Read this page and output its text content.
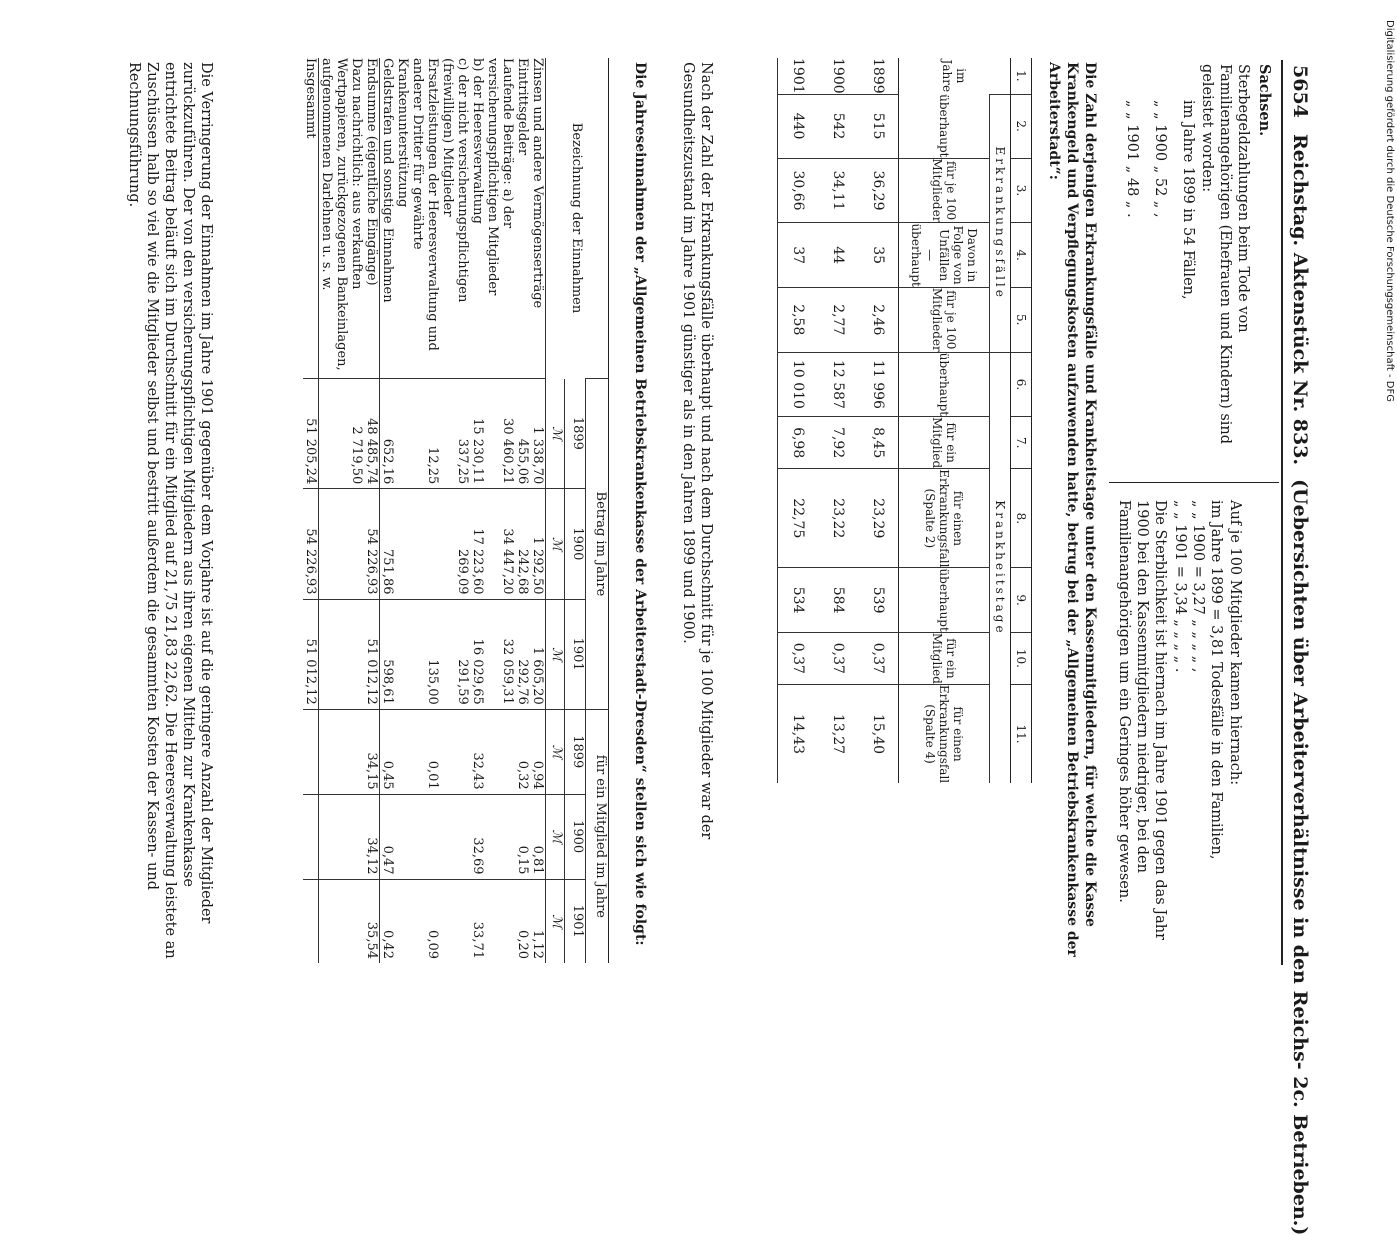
5654 Reichstag. Aktenstück Nr. 833. (Uebersichten über Arbeiterverhältnisse in den Reichs- 2c. Betrieben.)
Sachsen.
Sterbegeldzahlungen beim Tode von Familienangehörigen (Ehefrauen und Kindern) sind geleistet worden:
im Jahre 1899 in 54 Fällen,
„ „ 1900 „ 52 „ ,
„ „ 1901 „ 48 „ .
Auf je 100 Mitglieder kamen hiernach:
im Jahre 1899 = 3,81 Todesfälle in den Familien,
„ „ 1900 = 3,27 „ „ „ „ ,
„ „ 1901 = 3,34 „ „ „ „ .
Die Sterblichkeit ist hiernach im Jahre 1901 gegen das Jahr 1900 bei den Kassenmitgliedern niedriger, bei den Familienangehörigen um ein Geringes höher gewesen.
Die Zahl derjenigen Erkrankungsfälle und Krankheitstage unter den Kassenmitgliedern, für welche die Kasse Krankengeld und Verpflegungskosten aufzuwenden hatte, betrug bei der „Allgemeinen Betriebskrankenkasse der Arbeiterstadt“:
1.	2.	3.	4.	5.	6.	7.	8.	9.	10.	11.
im Jahre	Erkrankungsfälle				Krankheitstage					
	überhaupt	für je 100 Mitglieder	Davon in Folge von Unfällen — überhaupt	für je 100 Mitglieder	überhaupt	für ein Mitglied	für einen Erkrankungsfall (Spalte 2)	überhaupt	für ein Mitglied	für einen Erkrankungsfall (Spalte 4)
1899	515	36,29	35	2,46	11 996	8,45	23,29	539	0,37	15,40
1900	542	34,11	44	2,77	12 587	7,92	23,22	584	0,37	13,27
1901	440	30,66	37	2,58	10 010	6,98	22,75	534	0,37	14,43
Nach der Zahl der Erkrankungsfälle überhaupt und nach dem Durchschnitt für je 100 Mitglieder war der Gesundheitszustand im Jahre 1901 günstiger als in den Jahren 1899 und 1900.
Die Jahreseinnahmen der „Allgemeinen Betriebskrankenkasse der Arbeiterstadt-Dresden“ stellen sich wie folgt:
Bezeichnung der Einnahmen	Betrag im Jahre			für ein Mitglied im Jahre		
	1899	1900	1901	1899	1900	1901
	ℳ	ℳ	ℳ	ℳ	ℳ	ℳ
Zinsen und andere Vermögenserträge	1 338,70	1 292,50	1 605,20	0,94	0,81	1,12
Eintrittsgelder	455,06	242,68	292,76	0,32	0,15	0,20
Laufende Beiträge: a) der versicherungspflichtigen Mitglieder	30 460,21	34 447,20	32 059,31			
b) der Heeresverwaltung	15 230,11	17 223,60	16 029,65	32,43	32,69	33,71
c) der nicht versicherungspflichtigen (freiwilligen) Mitglieder	337,25	269,09	291,59			
Ersatzleistungen der Heeresverwaltung und anderer Dritter für gewährte Krankenunterstützung	12,25		135,00	0,01		0,09
Geldstrafen und sonstige Einnahmen	652,16	751,86	598,61	0,45	0,47	0,42
Endsumme (eigentliche Eingänge)	48 485,74	54 226,93	51 012,12	34,15	34,12	35,54
Dazu nachrichtlich: aus verkauften Wertpapieren, zurückgezogenen Bankeinlagen, aufgenommenen Darlehnen u. s. w.	2 719,50					
Insgesammt	51 205,24	54 226,93	51 012,12			
Die Verringerung der Einnahmen im Jahre 1901 gegenüber dem Vorjahre ist auf die geringere Anzahl der Mitglieder zurückzuführen. Der von den versicherungspflichtigen Mitgliedern aus ihren eigenen Mitteln zur Krankenkasse entrichtete Beitrag beläuft sich im Durchschnitt für ein Mitglied auf 21,75 21,83 22,62. Die Heeresverwaltung leistete an Zuschüssen halb so viel wie die Mitglieder selbst und bestritt außerdem die gesammten Kosten der Kassen- und Rechnungsführung.	Digitalisierung gefördert durch die Deutsche Forschungsgemeinschaft - DFG
